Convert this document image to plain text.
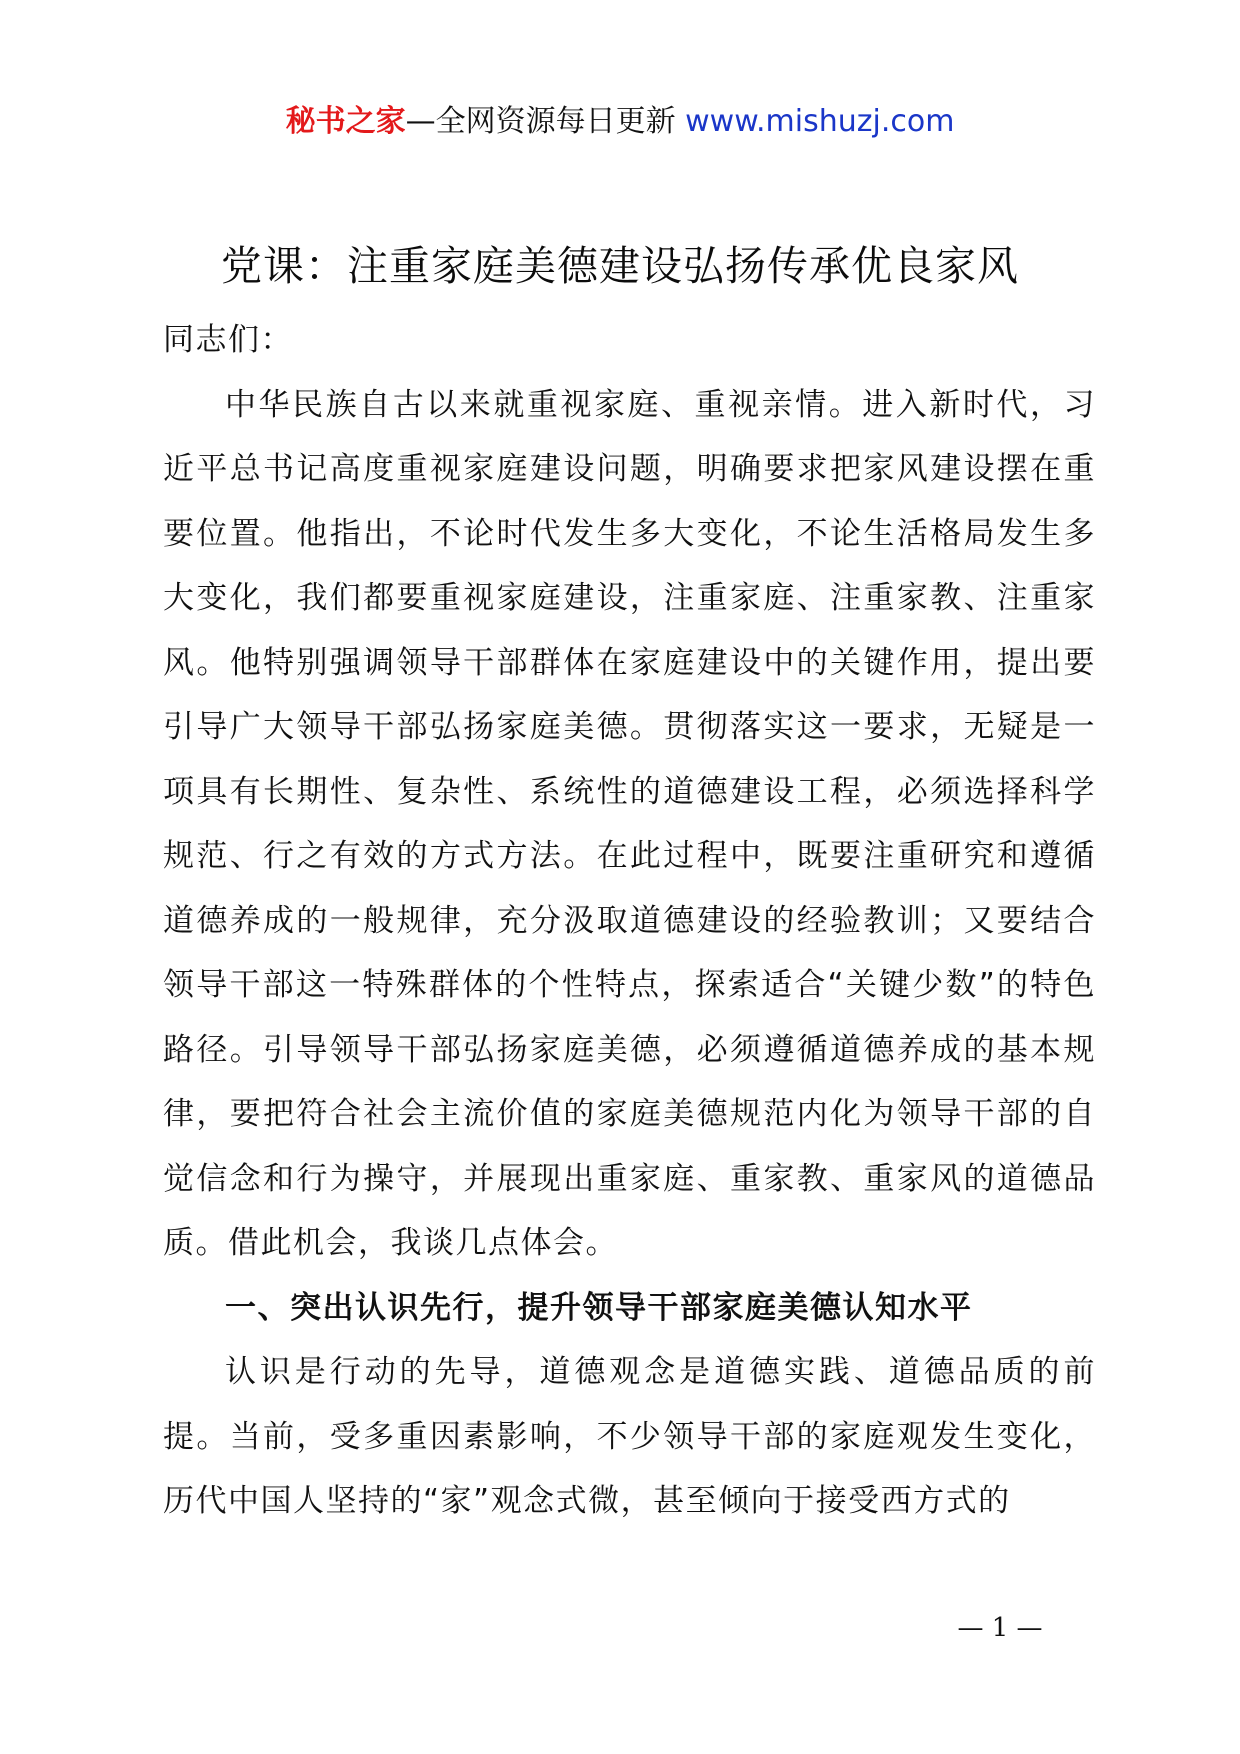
秘书之家—全网资源每日更新 www.mishuzj.com
党课：注重家庭美德建设弘扬传承优良家风

同志们：

中华民族自古以来就重视家庭、重视亲情。进入新时代，习近平总书记高度重视家庭建设问题，明确要求把家风建设摆在重要位置。他指出，不论时代发生多大变化，不论生活格局发生多大变化，我们都要重视家庭建设，注重家庭、注重家教、注重家风。他特别强调领导干部群体在家庭建设中的关键作用，提出要引导广大领导干部弘扬家庭美德。贯彻落实这一要求，无疑是一项具有长期性、复杂性、系统性的道德建设工程，必须选择科学规范、行之有效的方式方法。在此过程中，既要注重研究和遵循道德养成的一般规律，充分汲取道德建设的经验教训；又要结合领导干部这一特殊群体的个性特点，探索适合“关键少数”的特色路径。引导领导干部弘扬家庭美德，必须遵循道德养成的基本规律，要把符合社会主流价值的家庭美德规范内化为领导干部的自觉信念和行为操守，并展现出重家庭、重家教、重家风的道德品质。借此机会，我谈几点体会。

一、突出认识先行，提升领导干部家庭美德认知水平

认识是行动的先导，道德观念是道德实践、道德品质的前提。当前，受多重因素影响，不少领导干部的家庭观发生变化，历代中国人坚持的“家”观念式微，甚至倾向于接受西方式的

— 1 —
